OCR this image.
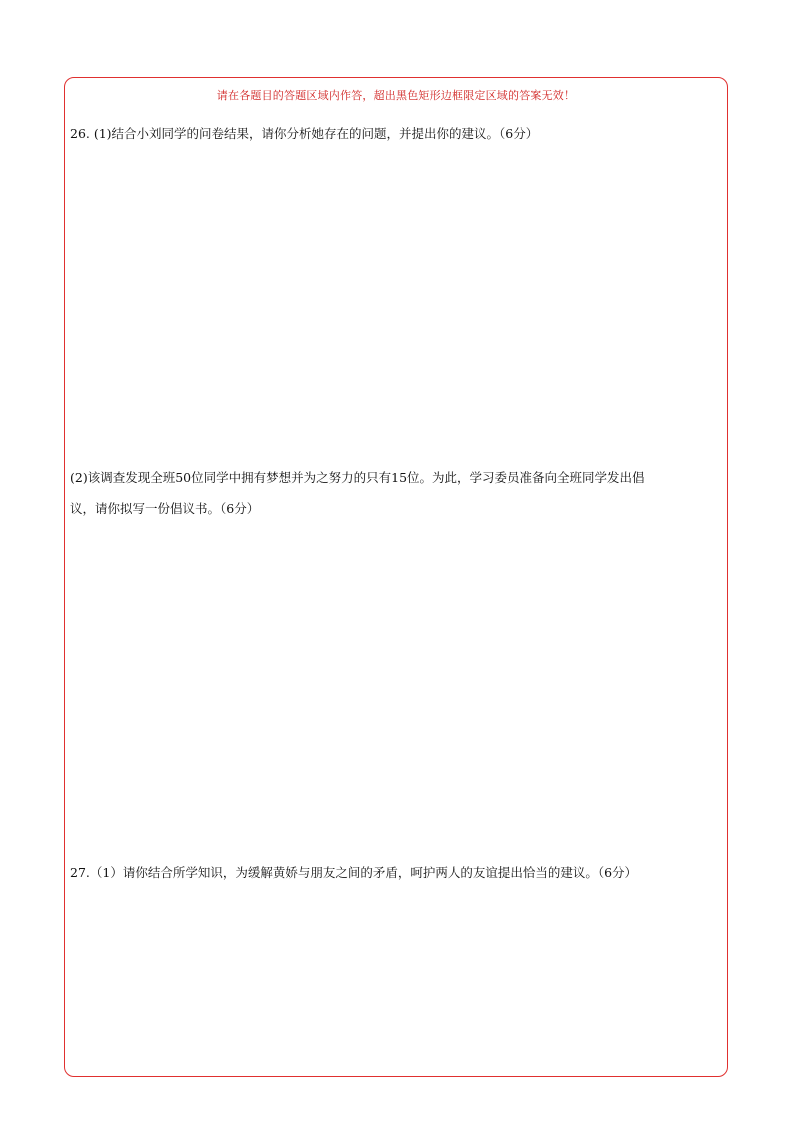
请在各题目的答题区域内作答，超出黑色矩形边框限定区域的答案无效！
26. (1)结合小刘同学的问卷结果，请你分析她存在的问题，并提出你的建议。（6分）
(2)该调查发现全班50位同学中拥有梦想并为之努力的只有15位。为此，学习委员准备向全班同学发出倡
议，请你拟写一份倡议书。（6分）
27.（1）请你结合所学知识，为缓解黄娇与朋友之间的矛盾，呵护两人的友谊提出恰当的建议。（6分）
